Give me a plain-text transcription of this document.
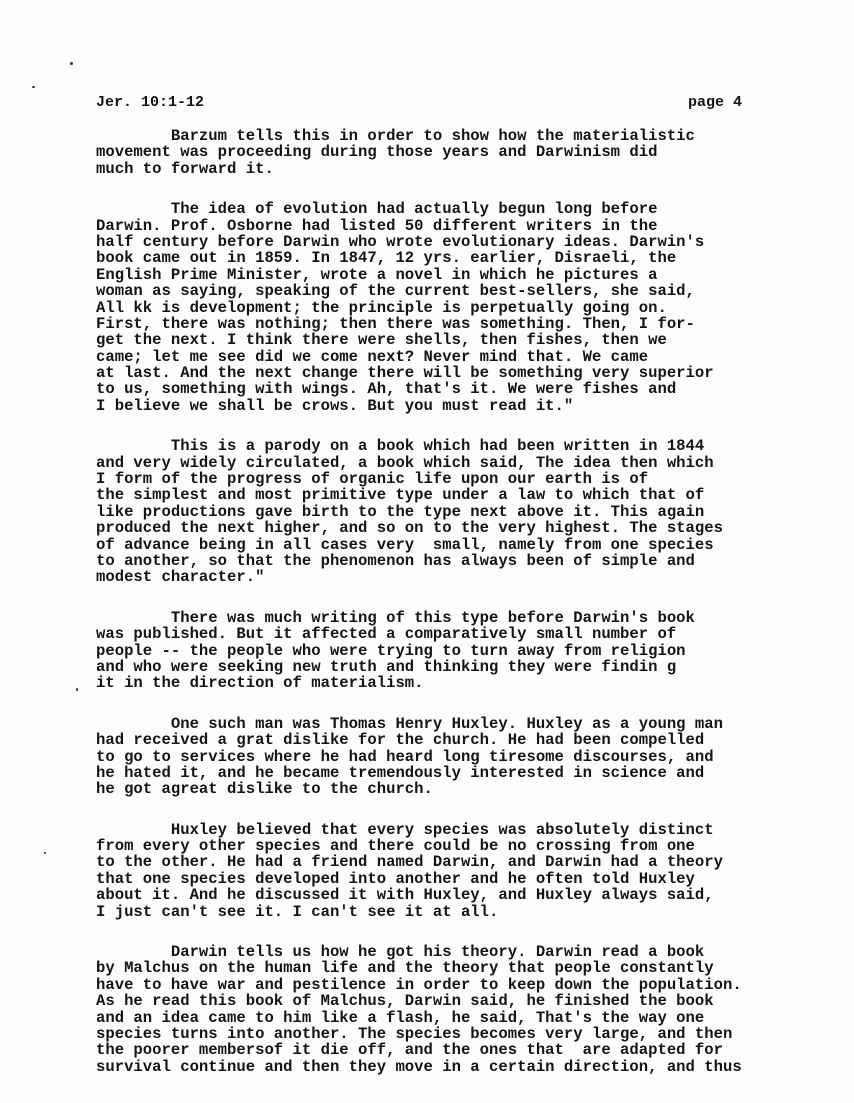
Jer. 10:1-12	page 4
Barzum tells this in order to show how the materialistic
movement was proceeding during those years and Darwinism did
much to forward it.
The idea of evolution had actually begun long before
Darwin. Prof. Osborne had listed 50 different writers in the
half century before Darwin who wrote evolutionary ideas. Darwin's
book came out in 1859. In 1847, 12 yrs. earlier, Disraeli, the
English Prime Minister, wrote a novel in which he pictures a
woman as saying, speaking of the current best-sellers, she said,
All kk is development; the principle is perpetually going on.
First, there was nothing; then there was something. Then, I for-
get the next. I think there were shells, then fishes, then we
came; let me see did we come next? Never mind that. We came
at last. And the next change there will be something very superior
to us, something with wings. Ah, that's it. We were fishes and
I believe we shall be crows. But you must read it."
This is a parody on a book which had been written in 1844
and very widely circulated, a book which said, The idea then which
I form of the progress of organic life upon our earth is of
the simplest and most primitive type under a law to which that of
like productions gave birth to the type next above it. This again
produced the next higher, and so on to the very highest. The stages
of advance being in all cases very  small, namely from one species
to another, so that the phenomenon has always been of simple and
modest character."
There was much writing of this type before Darwin's book
was published. But it affected a comparatively small number of
people -- the people who were trying to turn away from religion
and who were seeking new truth and thinking they were findin g
it in the direction of materialism.
One such man was Thomas Henry Huxley. Huxley as a young man
had received a grat dislike for the church. He had been compelled
to go to services where he had heard long tiresome discourses, and
he hated it, and he became tremendously interested in science and
he got agreat dislike to the church.
Huxley believed that every species was absolutely distinct
from every other species and there could be no crossing from one
to the other. He had a friend named Darwin, and Darwin had a theory
that one species developed into another and he often told Huxley
about it. And he discussed it with Huxley, and Huxley always said,
I just can't see it. I can't see it at all.
Darwin tells us how he got his theory. Darwin read a book
by Malchus on the human life and the theory that people constantly
have to have war and pestilence in order to keep down the population.
As he read this book of Malchus, Darwin said, he finished the book
and an idea came to him like a flash, he said, That's the way one
species turns into another. The species becomes very large, and then
the poorer membersof it die off, and the ones that  are adapted for
survival continue and then they move in a certain direction, and thus
